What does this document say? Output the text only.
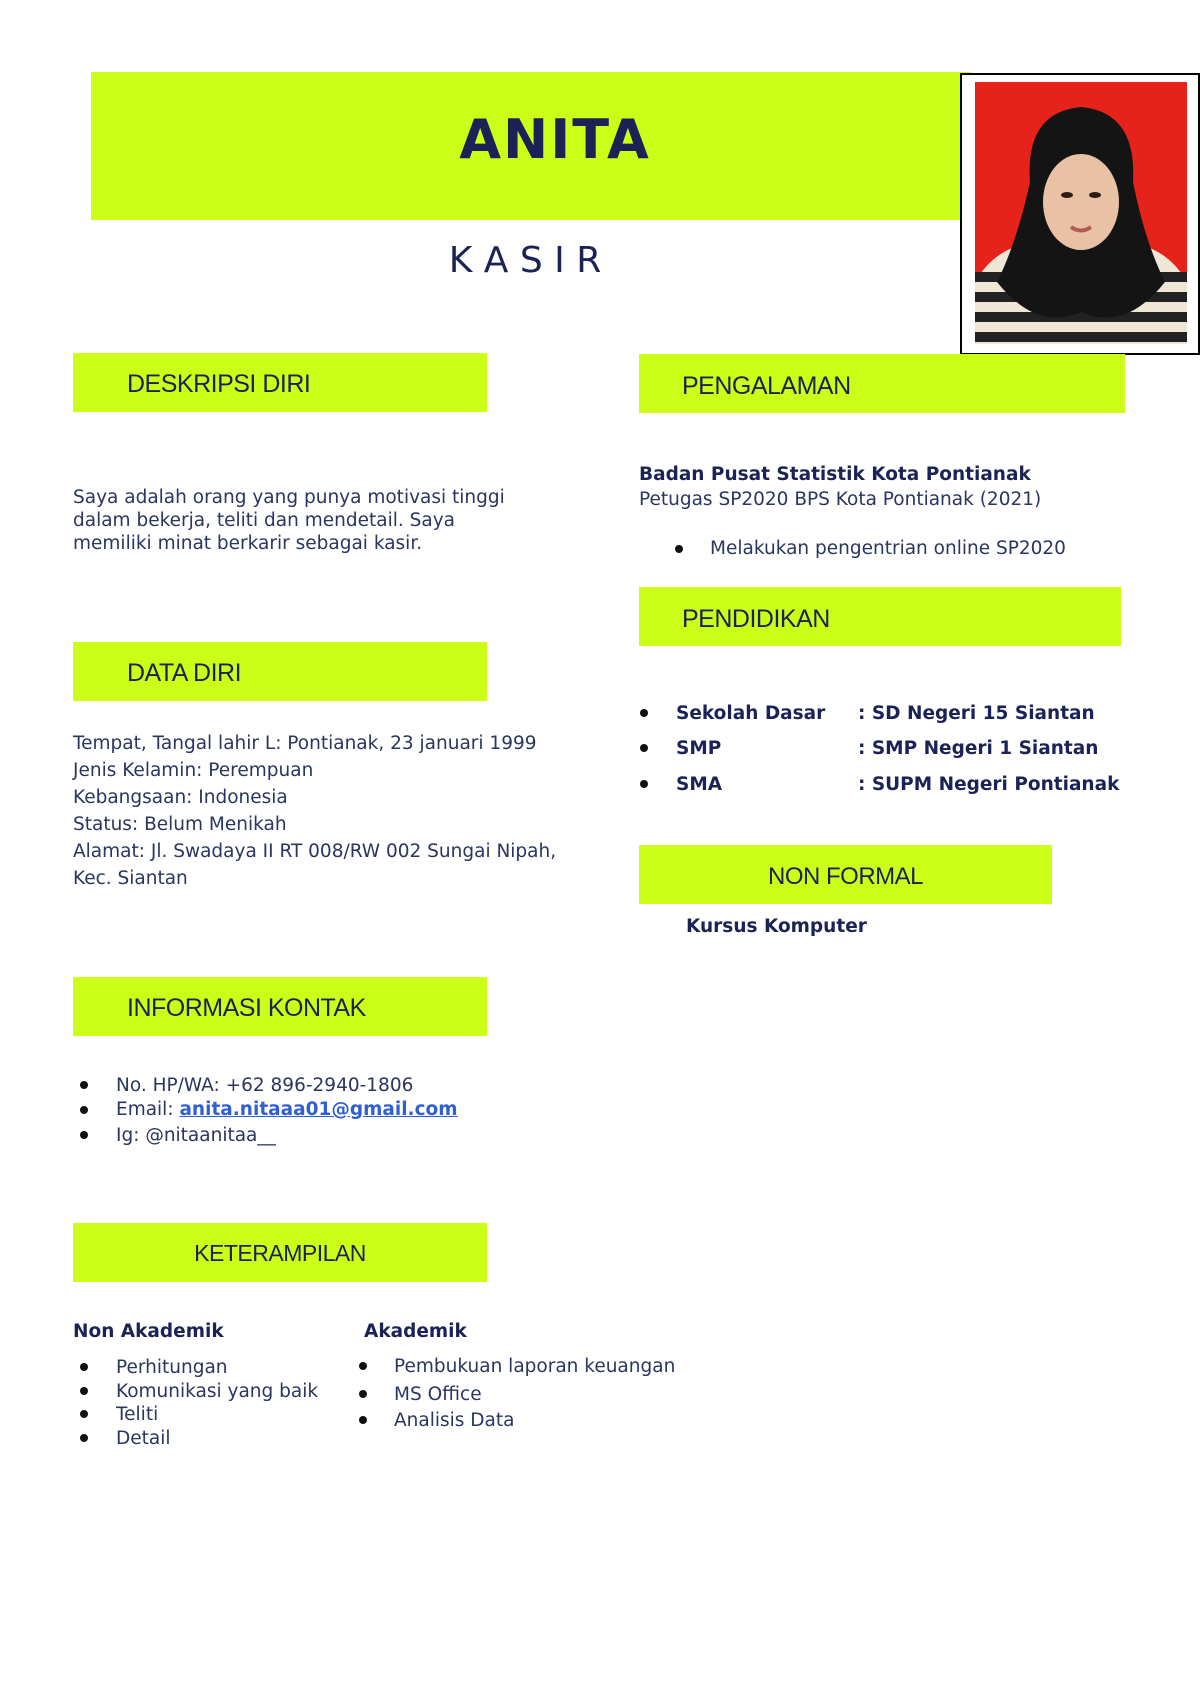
ANITA
K A S I R
DESKRIPSI DIRI
Saya adalah orang yang punya motivasi tinggi
dalam bekerja, teliti dan mendetail. Saya
memiliki minat berkarir sebagai kasir.
DATA DIRI
Tempat, Tangal lahir L: Pontianak, 23 januari 1999
Jenis Kelamin: Perempuan
Kebangsaan: Indonesia
Status: Belum Menikah
Alamat: Jl. Swadaya II RT 008/RW 002 Sungai Nipah,
Kec. Siantan
INFORMASI KONTAK
No. HP/WA: +62 896-2940-1806
Email: anita.nitaaa01@gmail.com
Ig: @nitaanitaa__
KETERAMPILAN
Non Akademik
Perhitungan
Komunikasi yang baik
Teliti
Detail
Akademik
Pembukuan laporan keuangan
MS Office
Analisis Data
PENGALAMAN
Badan Pusat Statistik Kota Pontianak
Petugas SP2020 BPS Kota Pontianak (2021)
Melakukan pengentrian online SP2020
PENDIDIKAN
Sekolah Dasar : SD Negeri 15 Siantan
SMP	: SMP Negeri 1 Siantan
SMA	: SUPM Negeri Pontianak
NON FORMAL
Kursus Komputer
